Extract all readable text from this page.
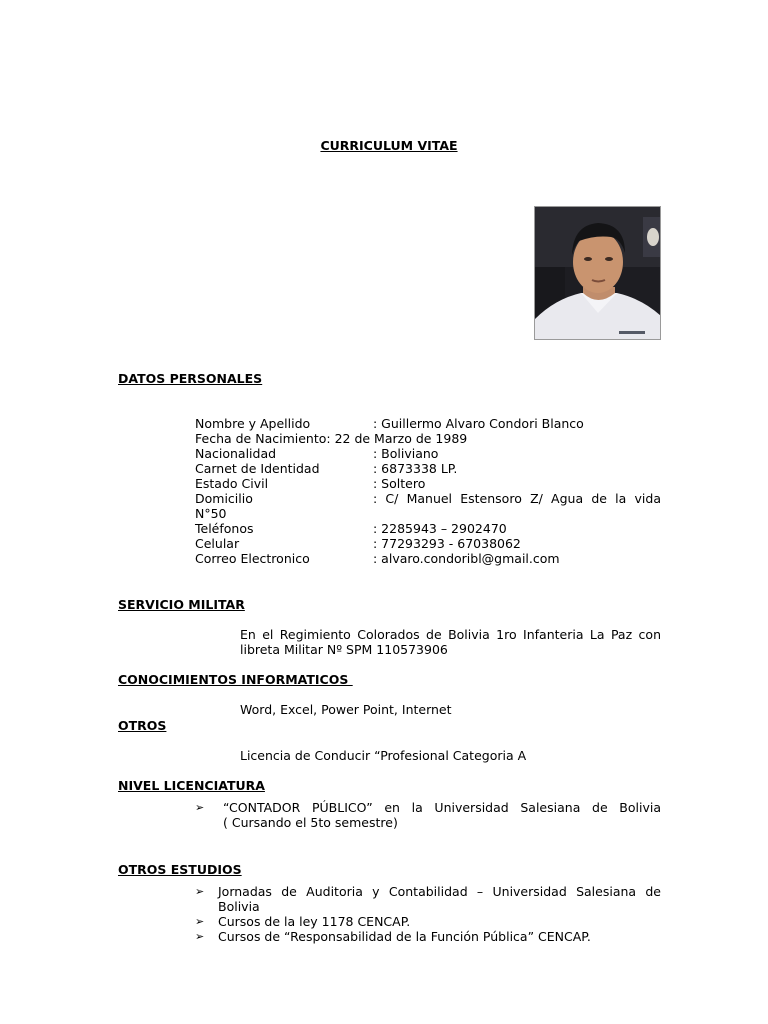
CURRICULUM VITAE
DATOS PERSONALES
Nombre y Apellido	: Guillermo Alvaro Condori Blanco
Fecha de Nacimiento: 22 de Marzo de 1989
Nacionalidad	: Boliviano
Carnet de Identidad	: 6873338 LP.
Estado Civil	: Soltero
Domicilio	: C/ Manuel Estensoro Z/ Agua de la vida
N°50
Teléfonos	: 2285943 – 2902470
Celular	: 77293293 - 67038062
Correo Electronico	: alvaro.condoribl@gmail.com
SERVICIO MILITAR
En el Regimiento Colorados de Bolivia 1ro Infanteria La Paz con
libreta Militar Nº SPM 110573906
CONOCIMIENTOS INFORMATICOS
Word, Excel, Power Point, Internet
OTROS
Licencia de Conducir “Profesional Categoria A
NIVEL LICENCIATURA
➢	“CONTADOR PÚBLICO” en la Universidad Salesiana de Bolivia
( Cursando el 5to semestre)
OTROS ESTUDIOS
➢	Jornadas de Auditoria y Contabilidad – Universidad Salesiana de
Bolivia
➢	Cursos de la ley 1178 CENCAP.
➢	Cursos de “Responsabilidad de la Función Pública” CENCAP.
